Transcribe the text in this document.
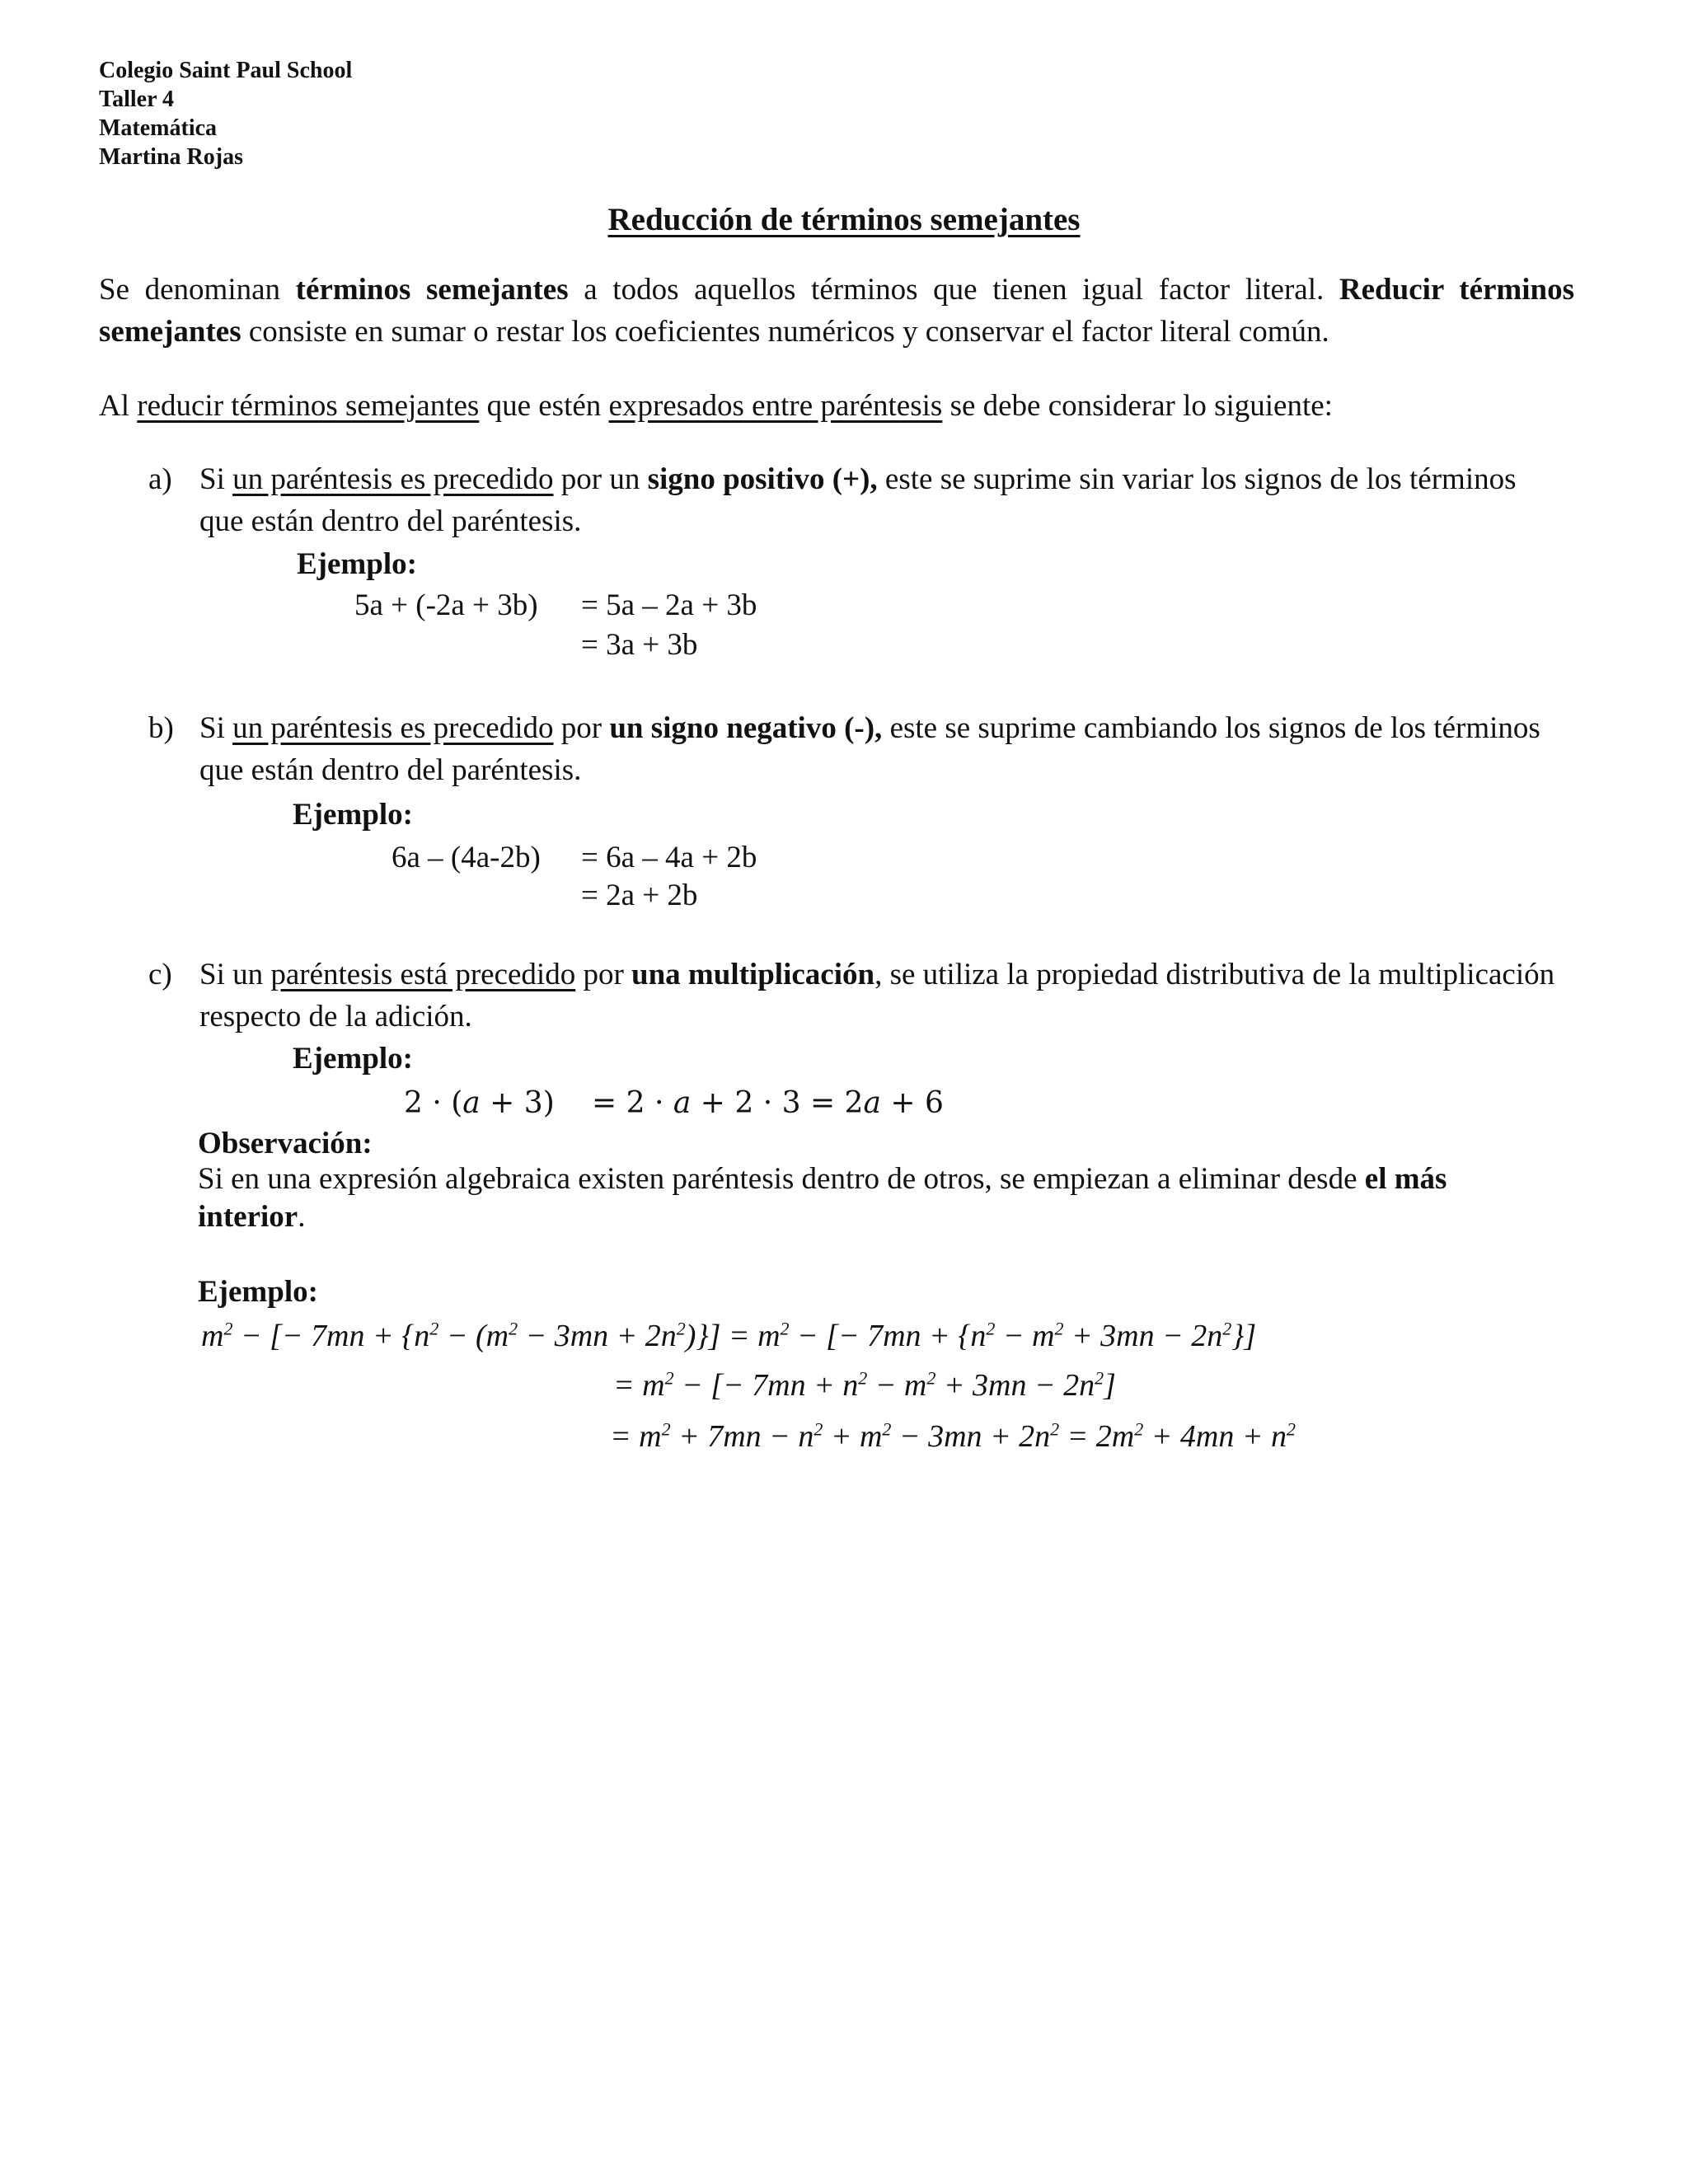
Colegio Saint Paul School
Taller 4
Matemática
Martina Rojas
Reducción de términos semejantes
Se denominan términos semejantes a todos aquellos términos que tienen igual factor literal. Reducir términos semejantes consiste en sumar o restar los coeficientes numéricos y conservar el factor literal común.
Al reducir términos semejantes que estén expresados entre paréntesis se debe considerar lo siguiente:
a) Si un paréntesis es precedido por un signo positivo (+), este se suprime sin variar los signos de los términos que están dentro del paréntesis.
Ejemplo:
5a + (-2a + 3b) = 5a – 2a + 3b
= 3a + 3b
b) Si un paréntesis es precedido por un signo negativo (-), este se suprime cambiando los signos de los términos que están dentro del paréntesis.
Ejemplo:
6a – (4a-2b) = 6a – 4a + 2b
= 2a + 2b
c) Si un paréntesis está precedido por una multiplicación, se utiliza la propiedad distributiva de la multiplicación respecto de la adición.
Ejemplo:
2 · (𝑎 + 3) = 2 · 𝑎 + 2 · 3 = 2𝑎 + 6
Observación:
Si en una expresión algebraica existen paréntesis dentro de otros, se empiezan a eliminar desde el más interior.
Ejemplo:
$m^2$ − [− $7mn + \{n^2 - (m^2 - 3mn + 2n^2)\}] = m^2$ − [− $7mn + \{n^2 - m^2 + 3mn - 2n^2\}$]
= $m^2$ − [− $7mn + n^2 - m^2 + 3mn - 2n^2$]
= $m^2 + 7mn - n^2 + m^2 - 3mn + 2n^2 = 2m^2 + 4mn + n^2$
